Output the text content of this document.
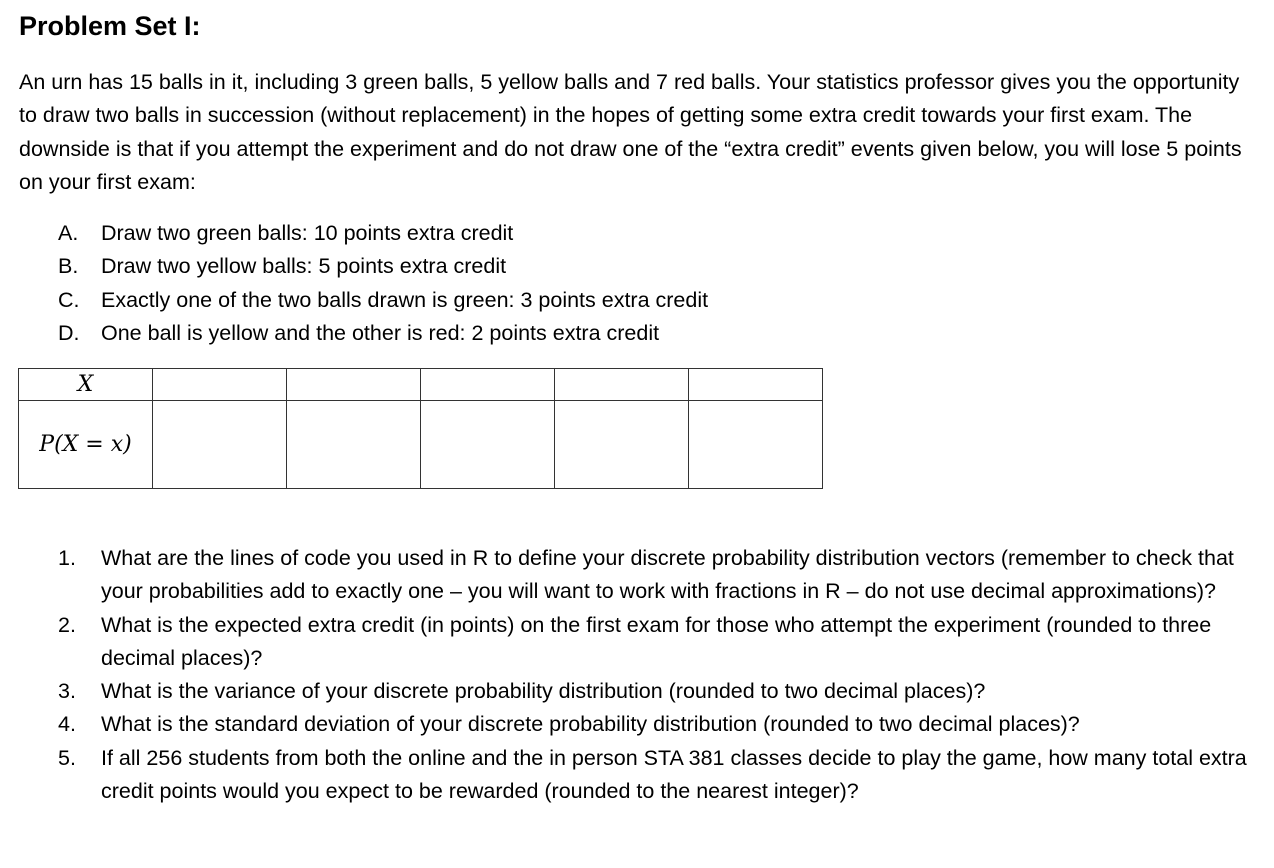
Problem Set I:

An urn has 15 balls in it, including 3 green balls, 5 yellow balls and 7 red balls. Your statistics professor gives you the opportunity to draw two balls in succession (without replacement) in the hopes of getting some extra credit towards your first exam. The downside is that if you attempt the experiment and do not draw one of the “extra credit” events given below, you will lose 5 points on your first exam:

A. Draw two green balls: 10 points extra credit
B. Draw two yellow balls: 5 points extra credit
C. Exactly one of the two balls drawn is green: 3 points extra credit
D. One ball is yellow and the other is red: 2 points extra credit
X					
P(X = x)					
1. What are the lines of code you used in R to define your discrete probability distribution vectors (remember to check that your probabilities add to exactly one – you will want to work with fractions in R – do not use decimal approximations)?
2. What is the expected extra credit (in points) on the first exam for those who attempt the experiment (rounded to three decimal places)?
3. What is the variance of your discrete probability distribution (rounded to two decimal places)?
4. What is the standard deviation of your discrete probability distribution (rounded to two decimal places)?
5. If all 256 students from both the online and the in person STA 381 classes decide to play the game, how many total extra credit points would you expect to be rewarded (rounded to the nearest integer)?
